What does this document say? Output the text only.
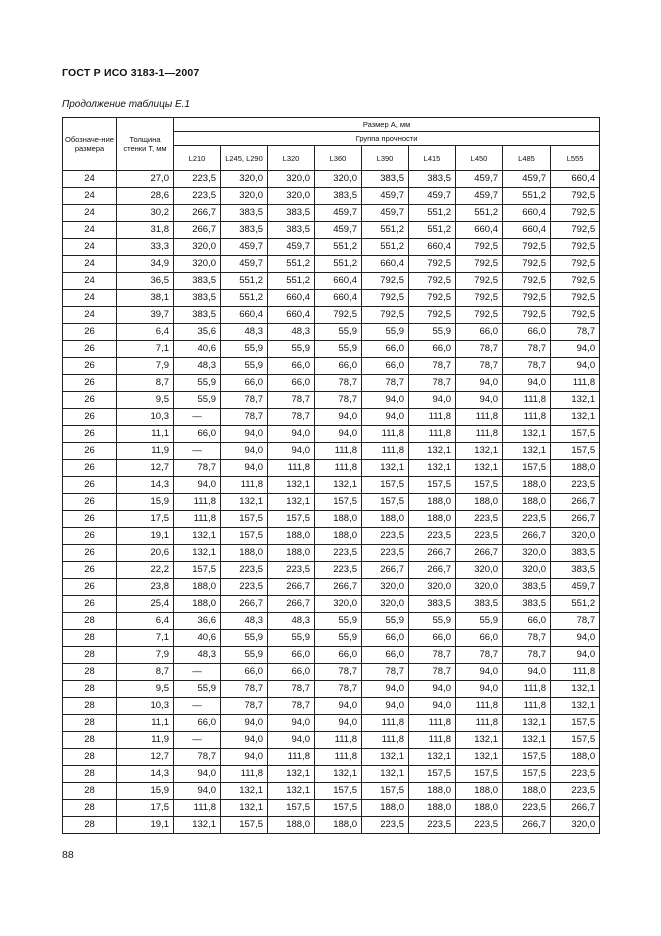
ГОСТ Р ИСО 3183-1—2007
Продолжение таблицы Е.1
Обозначе-ние размера	Толщина стенки T, мм	Размер A, мм								
		Группа прочности								
		L210	L245, L290	L320	L360	L390	L415	L450	L485	L555
24	27,0	223,5	320,0	320,0	320,0	383,5	383,5	459,7	459,7	660,4
24	28,6	223,5	320,0	320,0	383,5	459,7	459,7	459,7	551,2	792,5
24	30,2	266,7	383,5	383,5	459,7	459,7	551,2	551,2	660,4	792,5
24	31,8	266,7	383,5	383,5	459,7	551,2	551,2	660,4	660,4	792,5
24	33,3	320,0	459,7	459,7	551,2	551,2	660,4	792,5	792,5	792,5
24	34,9	320,0	459,7	551,2	551,2	660,4	792,5	792,5	792,5	792,5
24	36,5	383,5	551,2	551,2	660,4	792,5	792,5	792,5	792,5	792,5
24	38,1	383,5	551,2	660,4	660,4	792,5	792,5	792,5	792,5	792,5
24	39,7	383,5	660,4	660,4	792,5	792,5	792,5	792,5	792,5	792,5
26	6,4	35,6	48,3	48,3	55,9	55,9	55,9	66,0	66,0	78,7
26	7,1	40,6	55,9	55,9	55,9	66,0	66,0	78,7	78,7	94,0
26	7,9	48,3	55,9	66,0	66,0	66,0	78,7	78,7	78,7	94,0
26	8,7	55,9	66,0	66,0	78,7	78,7	78,7	94,0	94,0	111,8
26	9,5	55,9	78,7	78,7	78,7	94,0	94,0	94,0	111,8	132,1
26	10,3	—	78,7	78,7	94,0	94,0	111,8	111,8	111,8	132,1
26	11,1	66,0	94,0	94,0	94,0	111,8	111,8	111,8	132,1	157,5
26	11,9	—	94,0	94,0	111,8	111,8	132,1	132,1	132,1	157,5
26	12,7	78,7	94,0	111,8	111,8	132,1	132,1	132,1	157,5	188,0
26	14,3	94,0	111,8	132,1	132,1	157,5	157,5	157,5	188,0	223,5
26	15,9	111,8	132,1	132,1	157,5	157,5	188,0	188,0	188,0	266,7
26	17,5	111,8	157,5	157,5	188,0	188,0	188,0	223,5	223,5	266,7
26	19,1	132,1	157,5	188,0	188,0	223,5	223,5	223,5	266,7	320,0
26	20,6	132,1	188,0	188,0	223,5	223,5	266,7	266,7	320,0	383,5
26	22,2	157,5	223,5	223,5	223,5	266,7	266,7	320,0	320,0	383,5
26	23,8	188,0	223,5	266,7	266,7	320,0	320,0	320,0	383,5	459,7
26	25,4	188,0	266,7	266,7	320,0	320,0	383,5	383,5	383,5	551,2
28	6,4	36,6	48,3	48,3	55,9	55,9	55,9	55,9	66,0	78,7
28	7,1	40,6	55,9	55,9	55,9	66,0	66,0	66,0	78,7	94,0
28	7,9	48,3	55,9	66,0	66,0	66,0	78,7	78,7	78,7	94,0
28	8,7	—	66,0	66,0	78,7	78,7	78,7	94,0	94,0	111,8
28	9,5	55,9	78,7	78,7	78,7	94,0	94,0	94,0	111,8	132,1
28	10,3	—	78,7	78,7	94,0	94,0	94,0	111,8	111,8	132,1
28	11,1	66,0	94,0	94,0	94,0	111,8	111,8	111,8	132,1	157,5
28	11,9	—	94,0	94,0	111,8	111,8	111,8	132,1	132,1	157,5
28	12,7	78,7	94,0	111,8	111,8	132,1	132,1	132,1	157,5	188,0
28	14,3	94,0	111,8	132,1	132,1	132,1	157,5	157,5	157,5	223,5
28	15,9	94,0	132,1	132,1	157,5	157,5	188,0	188,0	188,0	223,5
28	17,5	111,8	132,1	157,5	157,5	188,0	188,0	188,0	223,5	266,7
28	19,1	132,1	157,5	188,0	188,0	223,5	223,5	223,5	266,7	320,0
88
